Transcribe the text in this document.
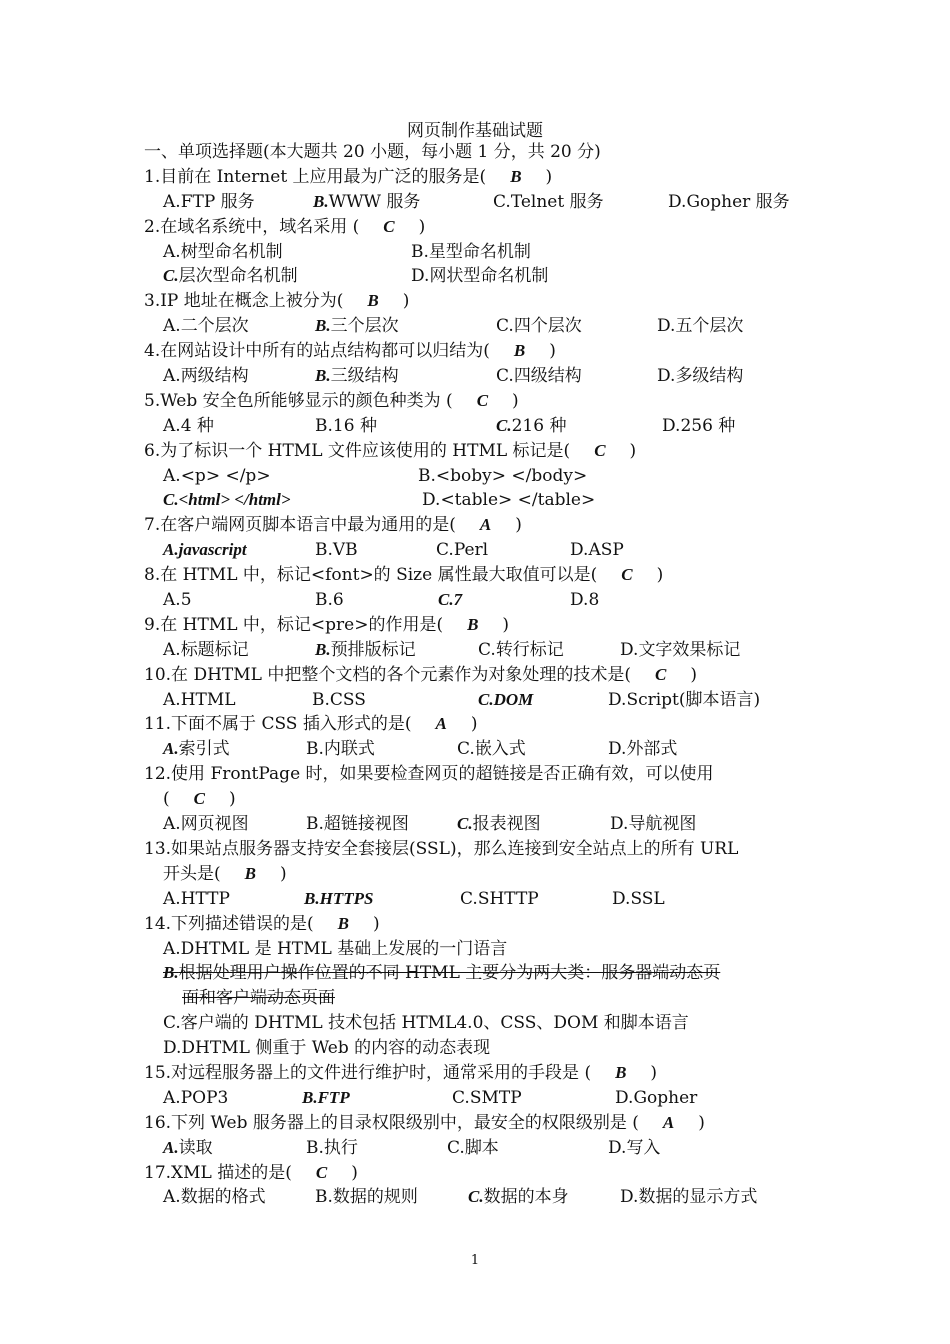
网页制作基础试题
一、单项选择题(本大题共 20 小题，每小题 1 分，共 20 分)
1.目前在 Internet 上应用最为广泛的服务是( B )
A.FTP 服务	B.WWW 服务	C.Telnet 服务	D.Gopher 服务
2.在域名系统中，域名采用 ( C )
A.树型命名机制	B.星型命名机制
C.层次型命名机制	D.网状型命名机制
3.IP 地址在概念上被分为( B )
A.二个层次	B.三个层次	C.四个层次	D.五个层次
4.在网站设计中所有的站点结构都可以归结为( B )
A.两级结构	B.三级结构	C.四级结构	D.多级结构
5.Web 安全色所能够显示的颜色种类为 ( C )
A.4 种	B.16 种	C.216 种	D.256 种
6.为了标识一个 HTML 文件应该使用的 HTML 标记是( C )
A.<p> </p>	B.<boby> </body>
C.<html> </html>	D.<table> </table>
7.在客户端网页脚本语言中最为通用的是( A )
A.javascript	B.VB	C.Perl	D.ASP
8.在 HTML 中，标记<font>的 Size 属性最大取值可以是( C )
A.5	B.6	C.7	D.8
9.在 HTML 中，标记<pre>的作用是( B )
A.标题标记	B.预排版标记	C.转行标记	D.文字效果标记
10.在 DHTML 中把整个文档的各个元素作为对象处理的技术是( C )
A.HTML	B.CSS	C.DOM	D.Script(脚本语言)
11.下面不属于 CSS 插入形式的是( A )
A.索引式	B.内联式	C.嵌入式	D.外部式
12.使用 FrontPage 时，如果要检查网页的超链接是否正确有效，可以使用
( C )
A.网页视图	B.超链接视图	C.报表视图	D.导航视图
13.如果站点服务器支持安全套接层(SSL)，那么连接到安全站点上的所有 URL
开头是( B )
A.HTTP	B.HTTPS	C.SHTTP	D.SSL
14.下列描述错误的是( B )
A.DHTML 是 HTML 基础上发展的一门语言
B.根据处理用户操作位置的不同 HTML 主要分为两大类：服务器端动态页
面和客户端动态页面
C.客户端的 DHTML 技术包括 HTML4.0、CSS、DOM 和脚本语言
D.DHTML 侧重于 Web 的内容的动态表现
15.对远程服务器上的文件进行维护时，通常采用的手段是 ( B )
A.POP3	B.FTP	C.SMTP	D.Gopher
16.下列 Web 服务器上的目录权限级别中，最安全的权限级别是 ( A )
A.读取	B.执行	C.脚本	D.写入
17.XML 描述的是( C )
A.数据的格式	B.数据的规则	C.数据的本身	D.数据的显示方式
1
